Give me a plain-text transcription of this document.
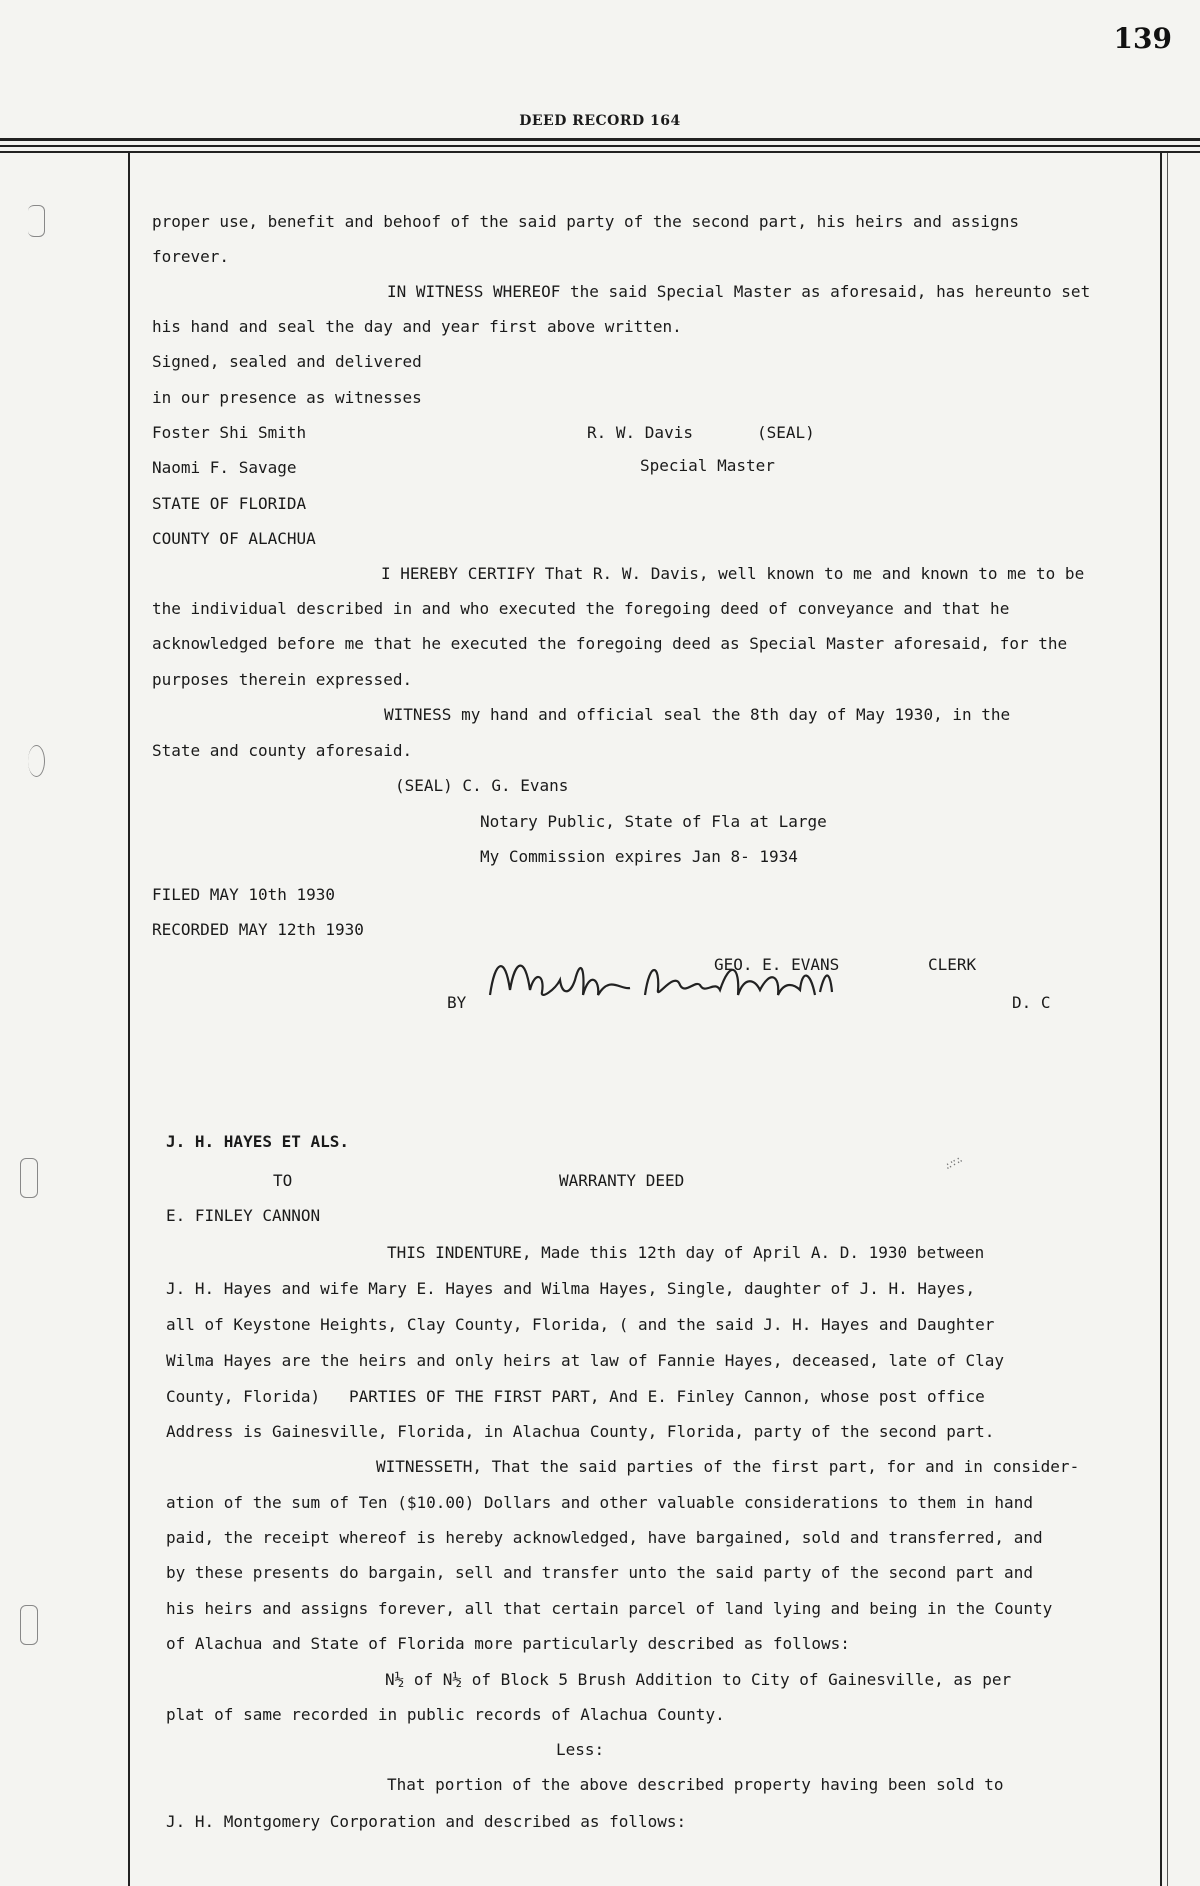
139
DEED RECORD 164
proper use, benefit and behoof of the said party of the second part, his heirs and assigns
forever.
IN WITNESS WHEREOF the said Special Master as aforesaid, has hereunto set
his hand and seal the day and year first above written.
Signed, sealed and delivered
in our presence as witnesses
Foster Shi Smith	R. W. Davis	(SEAL)
Naomi F. Savage	Special Master
STATE OF FLORIDA
COUNTY OF ALACHUA
I HEREBY CERTIFY That R. W. Davis, well known to me and known to me to be
the individual described in and who executed the foregoing deed of conveyance and that he
acknowledged before me that he executed the foregoing deed as Special Master aforesaid, for the
purposes therein expressed.
WITNESS my hand and official seal the 8th day of May 1930, in the
State and county aforesaid.
(SEAL) C. G. Evans
Notary Public, State of Fla at Large
My Commission expires Jan 8- 1934
FILED MAY 10th 1930
RECORDED MAY 12th 1930
GEO. E. EVANS	CLERK
BY	D. C
J. H. HAYES ET ALS.
TO	WARRANTY DEED
E. FINLEY CANNON
∴∵∴
THIS INDENTURE, Made this 12th day of April A. D. 1930 between
J. H. Hayes and wife Mary E. Hayes and Wilma Hayes, Single, daughter of J. H. Hayes,
all of Keystone Heights, Clay County, Florida, ( and the said J. H. Hayes and Daughter
Wilma Hayes are the heirs and only heirs at law of Fannie Hayes, deceased, late of Clay
County, Florida)   PARTIES OF THE FIRST PART, And E. Finley Cannon, whose post office
Address is Gainesville, Florida, in Alachua County, Florida, party of the second part.
WITNESSETH, That the said parties of the first part, for and in consider-
ation of the sum of Ten ($10.00) Dollars and other valuable considerations to them in hand
paid, the receipt whereof is hereby acknowledged, have bargained, sold and transferred, and
by these presents do bargain, sell and transfer unto the said party of the second part and
his heirs and assigns forever, all that certain parcel of land lying and being in the County
of Alachua and State of Florida more particularly described as follows:
N½ of N½ of Block 5 Brush Addition to City of Gainesville, as per
plat of same recorded in public records of Alachua County.
Less:
That portion of the above described property having been sold to
J. H. Montgomery Corporation and described as follows:
